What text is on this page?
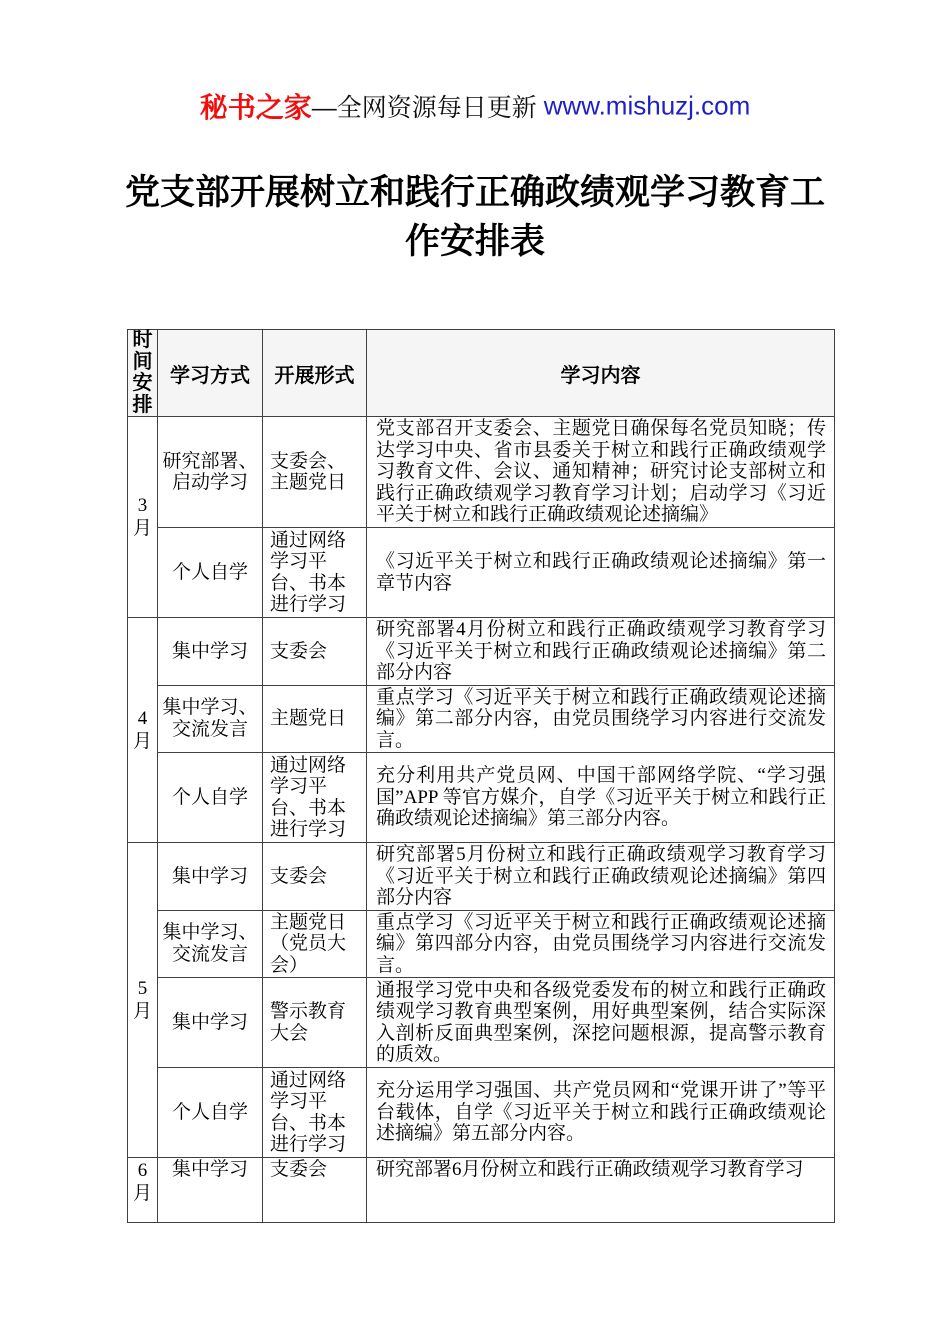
秘书之家—全网资源每日更新 www.mishuzj.com
党支部开展树立和践行正确政绩观学习教育工作安排表
时间安排	学习方式	开展形式	学习内容
3月	研究部署、启动学习	支委会、主题党日	党支部召开支委会、主题党日确保每名党员知晓；传达学习中央、省市县委关于树立和践行正确政绩观学习教育文件、会议、通知精神；研究讨论支部树立和践行正确政绩观学习教育学习计划；启动学习《习近平关于树立和践行正确政绩观论述摘编》
	个人自学	通过网络学习平台、书本进行学习	《习近平关于树立和践行正确政绩观论述摘编》第一章节内容
4月	集中学习	支委会	研究部署4月份树立和践行正确政绩观学习教育学习《习近平关于树立和践行正确政绩观论述摘编》第二部分内容
	集中学习、交流发言	主题党日	重点学习《习近平关于树立和践行正确政绩观论述摘编》第二部分内容，由党员围绕学习内容进行交流发言。
	个人自学	通过网络学习平台、书本进行学习	充分利用共产党员网、中国干部网络学院、“学习强国”APP 等官方媒介，自学《习近平关于树立和践行正确政绩观论述摘编》第三部分内容。
5月	集中学习	支委会	研究部署5月份树立和践行正确政绩观学习教育学习《习近平关于树立和践行正确政绩观论述摘编》第四部分内容
	集中学习、交流发言	主题党日（党员大会）	重点学习《习近平关于树立和践行正确政绩观论述摘编》第四部分内容，由党员围绕学习内容进行交流发言。
	集中学习	警示教育大会	通报学习党中央和各级党委发布的树立和践行正确政绩观学习教育典型案例，用好典型案例，结合实际深入剖析反面典型案例，深挖问题根源，提高警示教育的质效。
	个人自学	通过网络学习平台、书本进行学习	充分运用学习强国、共产党员网和“党课开讲了”等平台载体，自学《习近平关于树立和践行正确政绩观论述摘编》第五部分内容。
6月	集中学习	支委会	研究部署6月份树立和践行正确政绩观学习教育学习
